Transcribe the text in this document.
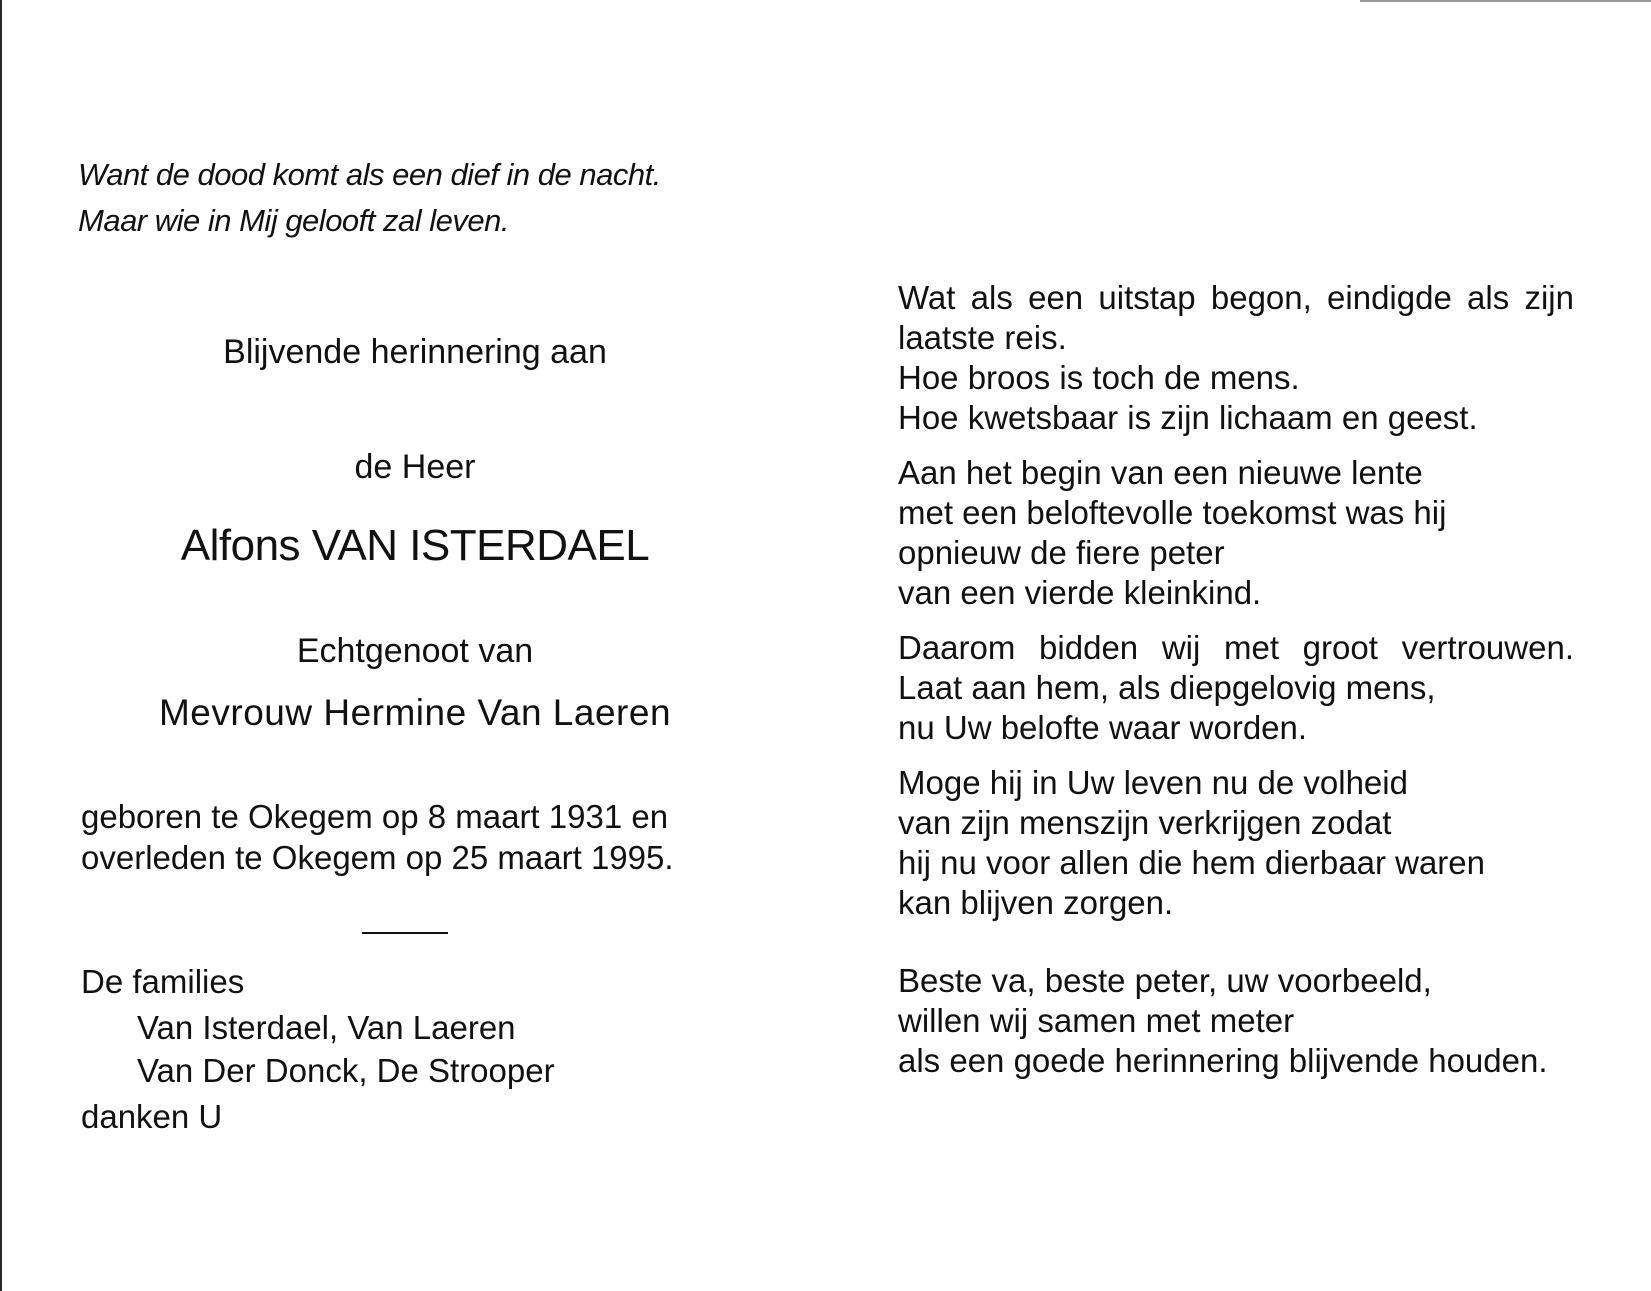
Want de dood komt als een dief in de nacht.
Maar wie in Mij gelooft zal leven.
Blijvende herinnering aan
de Heer
Alfons VAN ISTERDAEL
Echtgenoot van
Mevrouw Hermine Van Laeren
geboren te Okegem op 8 maart 1931 en
overleden te Okegem op 25 maart 1995.
De families
Van Isterdael, Van Laeren
Van Der Donck, De Strooper
danken U
Wat als een uitstap begon, eindigde als zijn
laatste reis.
Hoe broos is toch de mens.
Hoe kwetsbaar is zijn lichaam en geest.
Aan het begin van een nieuwe lente
met een beloftevolle toekomst was hij
opnieuw de fiere peter
van een vierde kleinkind.
Daarom bidden wij met groot vertrouwen.
Laat aan hem, als diepgelovig mens,
nu Uw belofte waar worden.
Moge hij in Uw leven nu de volheid
van zijn menszijn verkrijgen zodat
hij nu voor allen die hem dierbaar waren
kan blijven zorgen.
Beste va, beste peter, uw voorbeeld,
willen wij samen met meter
als een goede herinnering blijvende houden.
